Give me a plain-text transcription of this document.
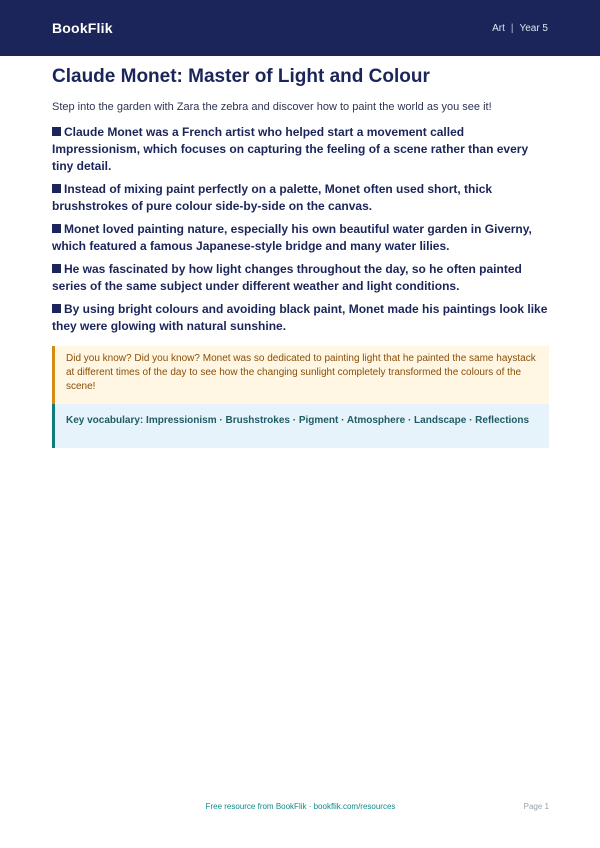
BookFlik	Art | Year 5
Claude Monet: Master of Light and Colour
Step into the garden with Zara the zebra and discover how to paint the world as you see it!
Claude Monet was a French artist who helped start a movement called Impressionism, which focuses on capturing the feeling of a scene rather than every tiny detail.
Instead of mixing paint perfectly on a palette, Monet often used short, thick brushstrokes of pure colour side-by-side on the canvas.
Monet loved painting nature, especially his own beautiful water garden in Giverny, which featured a famous Japanese-style bridge and many water lilies.
He was fascinated by how light changes throughout the day, so he often painted series of the same subject under different weather and light conditions.
By using bright colours and avoiding black paint, Monet made his paintings look like they were glowing with natural sunshine.
Did you know? Did you know? Monet was so dedicated to painting light that he painted the same haystack at different times of the day to see how the changing sunlight completely transformed the colours of the scene!
Key vocabulary: Impressionism · Brushstrokes · Pigment · Atmosphere · Landscape · Reflections
Free resource from BookFlik · bookflik.com/resources	Page 1
